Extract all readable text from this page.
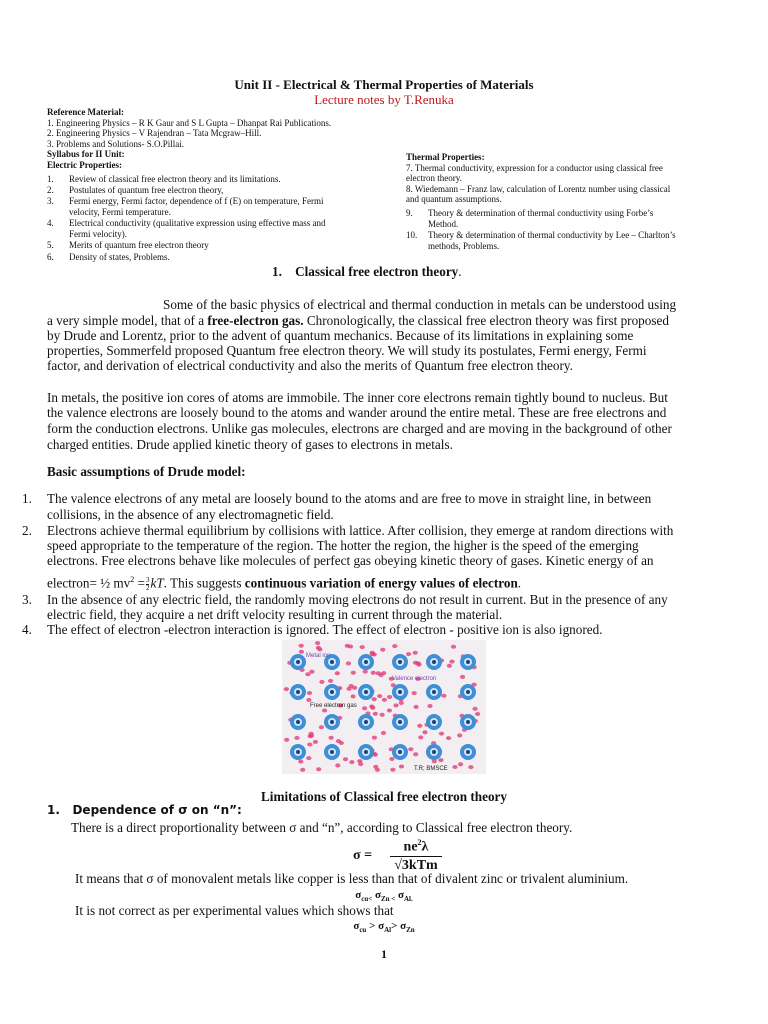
Unit II - Electrical & Thermal Properties of Materials
Lecture notes by T.Renuka
Reference Material:
1. Engineering Physics – R K Gaur and S L Gupta – Dhanpat Rai Publications.
2. Engineering Physics – V Rajendran – Tata Mcgraw–Hill.
3. Problems and Solutions- S.O.Pillai.
Syllabus for II Unit:
Electric Properties:
1. Review of classical free electron theory and its limitations.
2. Postulates of quantum free electron theory,
3. Fermi energy, Fermi factor, dependence of f (E) on temperature, Fermi
velocity, Fermi temperature.
4. Electrical conductivity (qualitative expression using effective mass and
Fermi velocity).
5. Merits of quantum free electron theory
6. Density of states, Problems.
Thermal Properties:
7. Thermal conductivity, expression for a conductor using classical free
electron theory.
8. Wiedemann – Franz law, calculation of Lorentz number using classical
and quantum assumptions.
9. Theory & determination of thermal conductivity using Forbe’s
Method.
10. Theory & determination of thermal conductivity by Lee – Charlton’s
methods, Problems.
1. Classical free electron theory.
Some of the basic physics of electrical and thermal conduction in metals can be understood using
a very simple model, that of a free-electron gas. Chronologically, the classical free electron theory was first proposed
by Drude and Lorentz, prior to the advent of quantum mechanics. Because of its limitations in explaining some
properties, Sommerfeld proposed Quantum free electron theory. We will study its postulates, Fermi energy, Fermi
factor, and derivation of electrical conductivity and also the merits of Quantum free electron theory.
In metals, the positive ion cores of atoms are immobile. The inner core electrons remain tightly bound to nucleus. But
the valence electrons are loosely bound to the atoms and wander around the entire metal. These are free electrons and
form the conduction electrons. Unlike gas molecules, electrons are charged and are moving in the background of other
charged entities. Drude applied kinetic theory of gases to electrons in metals.
Basic assumptions of Drude model:
1. The valence electrons of any metal are loosely bound to the atoms and are free to move in straight line, in between
collisions, in the absence of any electromagnetic field.
2. Electrons achieve thermal equilibrium by collisions with lattice. After collision, they emerge at random directions with
speed appropriate to the temperature of the region. The hotter the region, the higher is the speed of the emerging
electrons. Free electrons behave like molecules of perfect gas obeying kinetic theory of gases. Kinetic energy of an
electron= ½ $mv^2 = \frac{3}{2}$ kT. This suggests continuous variation of energy values of electron.
3. In the absence of any electric field, the randomly moving electrons do not result in current. But in the presence of any
electric field, they acquire a net drift velocity resulting in current through the material.
4. The effect of electron -electron interaction is ignored. The effect of electron - positive ion is also ignored.
Metal ion
Valence electron
Free electron gas
T.R; BMSCE
Limitations of Classical free electron theory
1. Dependence of σ on “n”:
There is a direct proportionality between σ and “n”, according to Classical free electron theory.
σ =
$ne^2\lambda$
√3kTm
It means that σ of monovalent metals like copper is less than that of divalent zinc or trivalent aluminium.
$\sigma_{cu<}$ $\sigma_{Zn <}$ $\sigma_{Al.}$
It is not correct as per experimental values which shows that
$\sigma_{cu} > \sigma_{Al}> \sigma_{Zn}$
1
